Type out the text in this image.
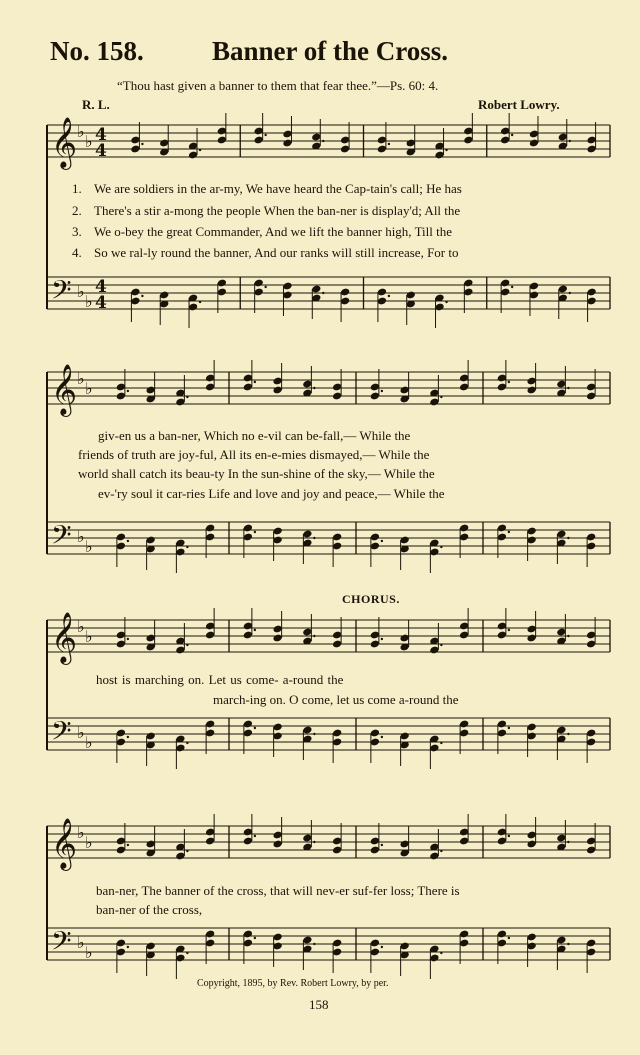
No. 158.	Banner of the Cross.
“Thou hast given a banner to them that fear thee.”—Ps. 60: 4.
R. L.	Robert Lowry.
𝄞
𝄢
♭
♭
♭
♭
4
4
4
4
𝄞
𝄢
♭
♭
♭
♭
𝄞
𝄢
♭
♭
♭
♭
𝄞
𝄢
♭
♭
♭
♭
1. We are soldiers in the ar-my, We have heard the Cap-tain's call; He has
2. There's a stir a-mong the people When the ban-ner is display'd; All the
3. We o-bey the great Commander, And we lift the banner high, Till the
4. So we ral-ly round the banner, And our ranks will still increase, For to
giv-en us a ban-ner, Which no e-vil can be-fall,— While the
friends of truth are joy-ful, All its en-e-mies dismayed,— While the
world shall catch its beau-ty In the sun-shine of the sky,— While the
ev-'ry soul it car-ries Life and love and joy and peace,— While the
CHORUS.
host is marching on. Let us come- a-round the
march-ing on. O come, let us come a-round the
ban-ner, The banner of the cross, that will nev-er suf-fer loss; There is
ban-ner of the cross,
Copyright, 1895, by Rev. Robert Lowry, by per.
158
